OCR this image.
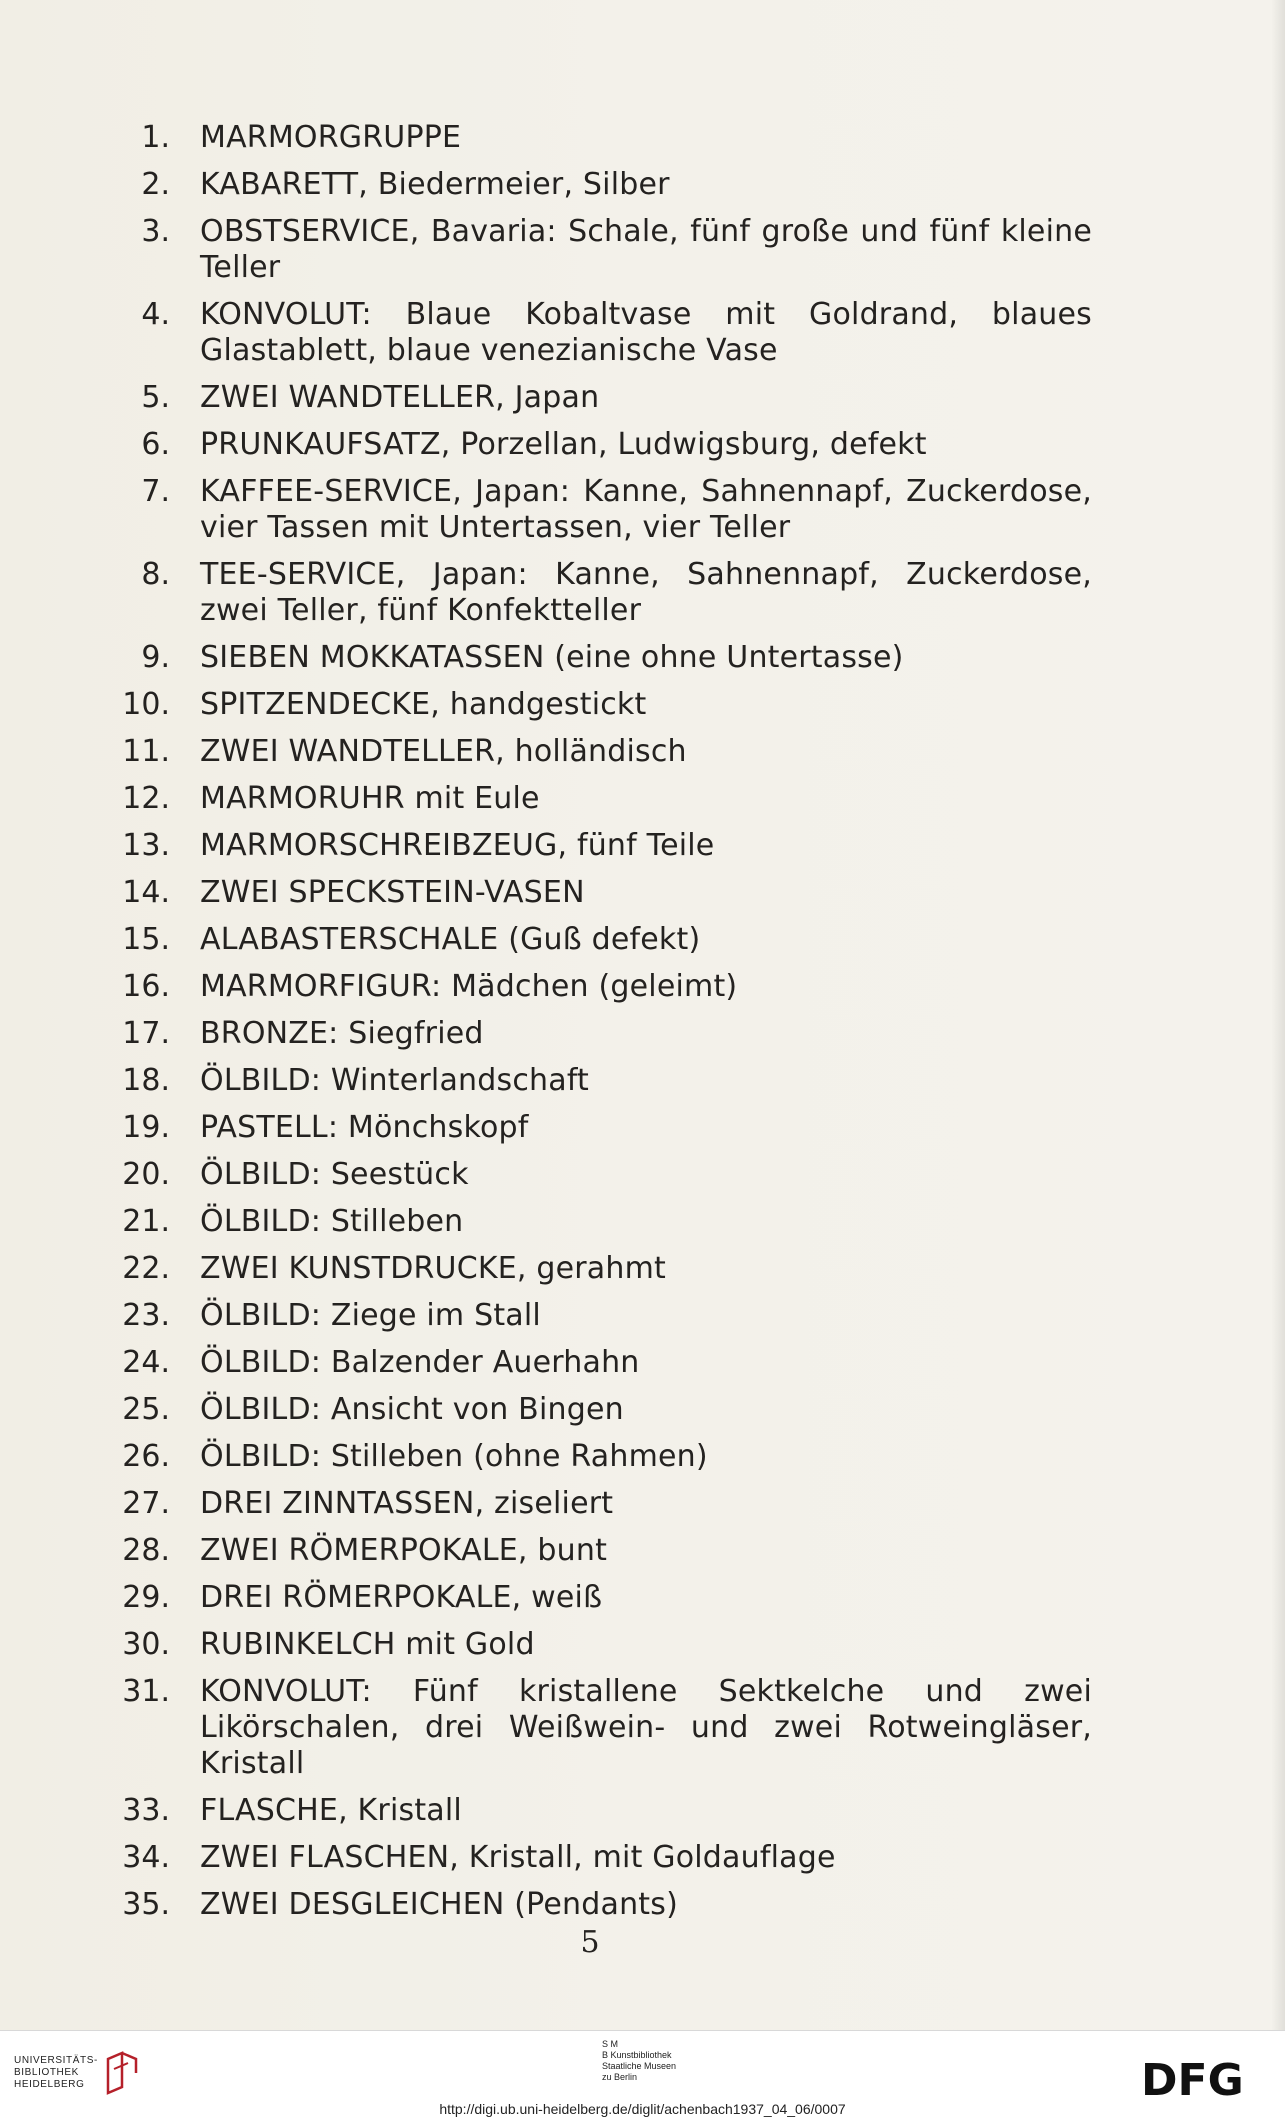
1. MARMORGRUPPE
2. KABARETT, Biedermeier, Silber
3. OBSTSERVICE, Bavaria: Schale, fünf große und fünf kleine Teller
4. KONVOLUT: Blaue Kobaltvase mit Goldrand, blaues Glastablett, blaue venezianische Vase
5. ZWEI WANDTELLER, Japan
6. PRUNKAUFSATZ, Porzellan, Ludwigsburg, defekt
7. KAFFEE-SERVICE, Japan: Kanne, Sahnennapf, Zuckerdose, vier Tassen mit Untertassen, vier Teller
8. TEE-SERVICE, Japan: Kanne, Sahnennapf, Zuckerdose, zwei Teller, fünf Konfektteller
9. SIEBEN MOKKATASSEN (eine ohne Untertasse)
10. SPITZENDECKE, handgestickt
11. ZWEI WANDTELLER, holländisch
12. MARMORUHR mit Eule
13. MARMORSCHREIBZEUG, fünf Teile
14. ZWEI SPECKSTEIN-VASEN
15. ALABASTERSCHALE (Guß defekt)
16. MARMORFIGUR: Mädchen (geleimt)
17. BRONZE: Siegfried
18. ÖLBILD: Winterlandschaft
19. PASTELL: Mönchskopf
20. ÖLBILD: Seestück
21. ÖLBILD: Stilleben
22. ZWEI KUNSTDRUCKE, gerahmt
23. ÖLBILD: Ziege im Stall
24. ÖLBILD: Balzender Auerhahn
25. ÖLBILD: Ansicht von Bingen
26. ÖLBILD: Stilleben (ohne Rahmen)
27. DREI ZINNTASSEN, ziseliert
28. ZWEI RÖMERPOKALE, bunt
29. DREI RÖMERPOKALE, weiß
30. RUBINKELCH mit Gold
31. KONVOLUT: Fünf kristallene Sektkelche und zwei Likörschalen, drei Weißwein- und zwei Rotweingläser, Kristall
33. FLASCHE, Kristall
34. ZWEI FLASCHEN, Kristall, mit Goldauflage
35. ZWEI DESGLEICHEN (Pendants)
5
UNIVERSITÄTS-
BIBLIOTHEK
HEIDELBERG
S M
B Kunstbibliothek
Staatliche Museen
zu Berlin	DFG
http://digi.ub.uni-heidelberg.de/diglit/achenbach1937_04_06/0007
